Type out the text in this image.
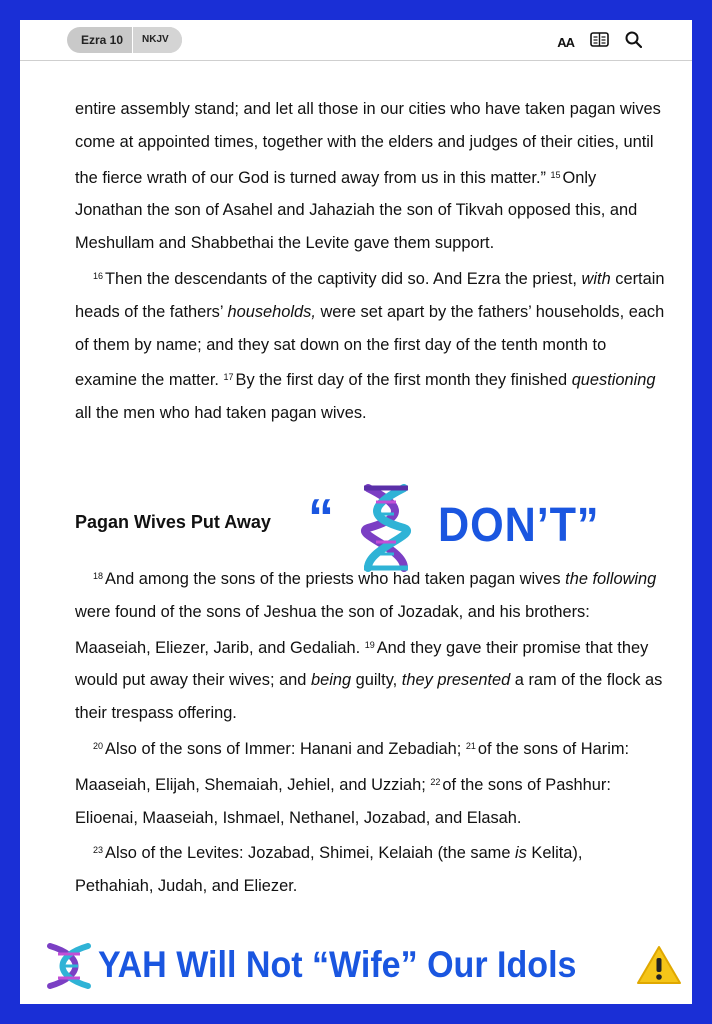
Ezra 10	NKJV	AA

entire assembly stand; and let all those in our cities who have taken pagan wives come at appointed times, together with the elders and judges of their cities, until the fierce wrath of our God is turned away from us in this matter.” $^{15}$ Only Jonathan the son of Asahel and Jahaziah the son of Tikvah opposed this, and Meshullam and Shabbethai the Levite gave them support.

$^{16}$ Then the descendants of the captivity did so. And Ezra the priest, with certain heads of the fathers’ households, were set apart by the fathers’ households, each of them by name; and they sat down on the first day of the tenth month to examine the matter. $^{17}$ By the first day of the first month they finished questioning all the men who had taken pagan wives.

Pagan Wives Put Away “ DON’T”

$^{18}$ And among the sons of the priests who had taken pagan wives the following were found of the sons of Jeshua the son of Jozadak, and his brothers: Maaseiah, Eliezer, Jarib, and Gedaliah. $^{19}$ And they gave their promise that they would put away their wives; and being guilty, they presented a ram of the flock as their trespass offering.

$^{20}$ Also of the sons of Immer: Hanani and Zebadiah; $^{21}$ of the sons of Harim: Maaseiah, Elijah, Shemaiah, Jehiel, and Uzziah; $^{22}$ of the sons of Pashhur: Elioenai, Maaseiah, Ishmael, Nethanel, Jozabad, and Elasah.

$^{23}$ Also of the Levites: Jozabad, Shimei, Kelaiah (the same is Kelita), Pethahiah, Judah, and Eliezer.

YAH Will Not “Wife” Our Idols
